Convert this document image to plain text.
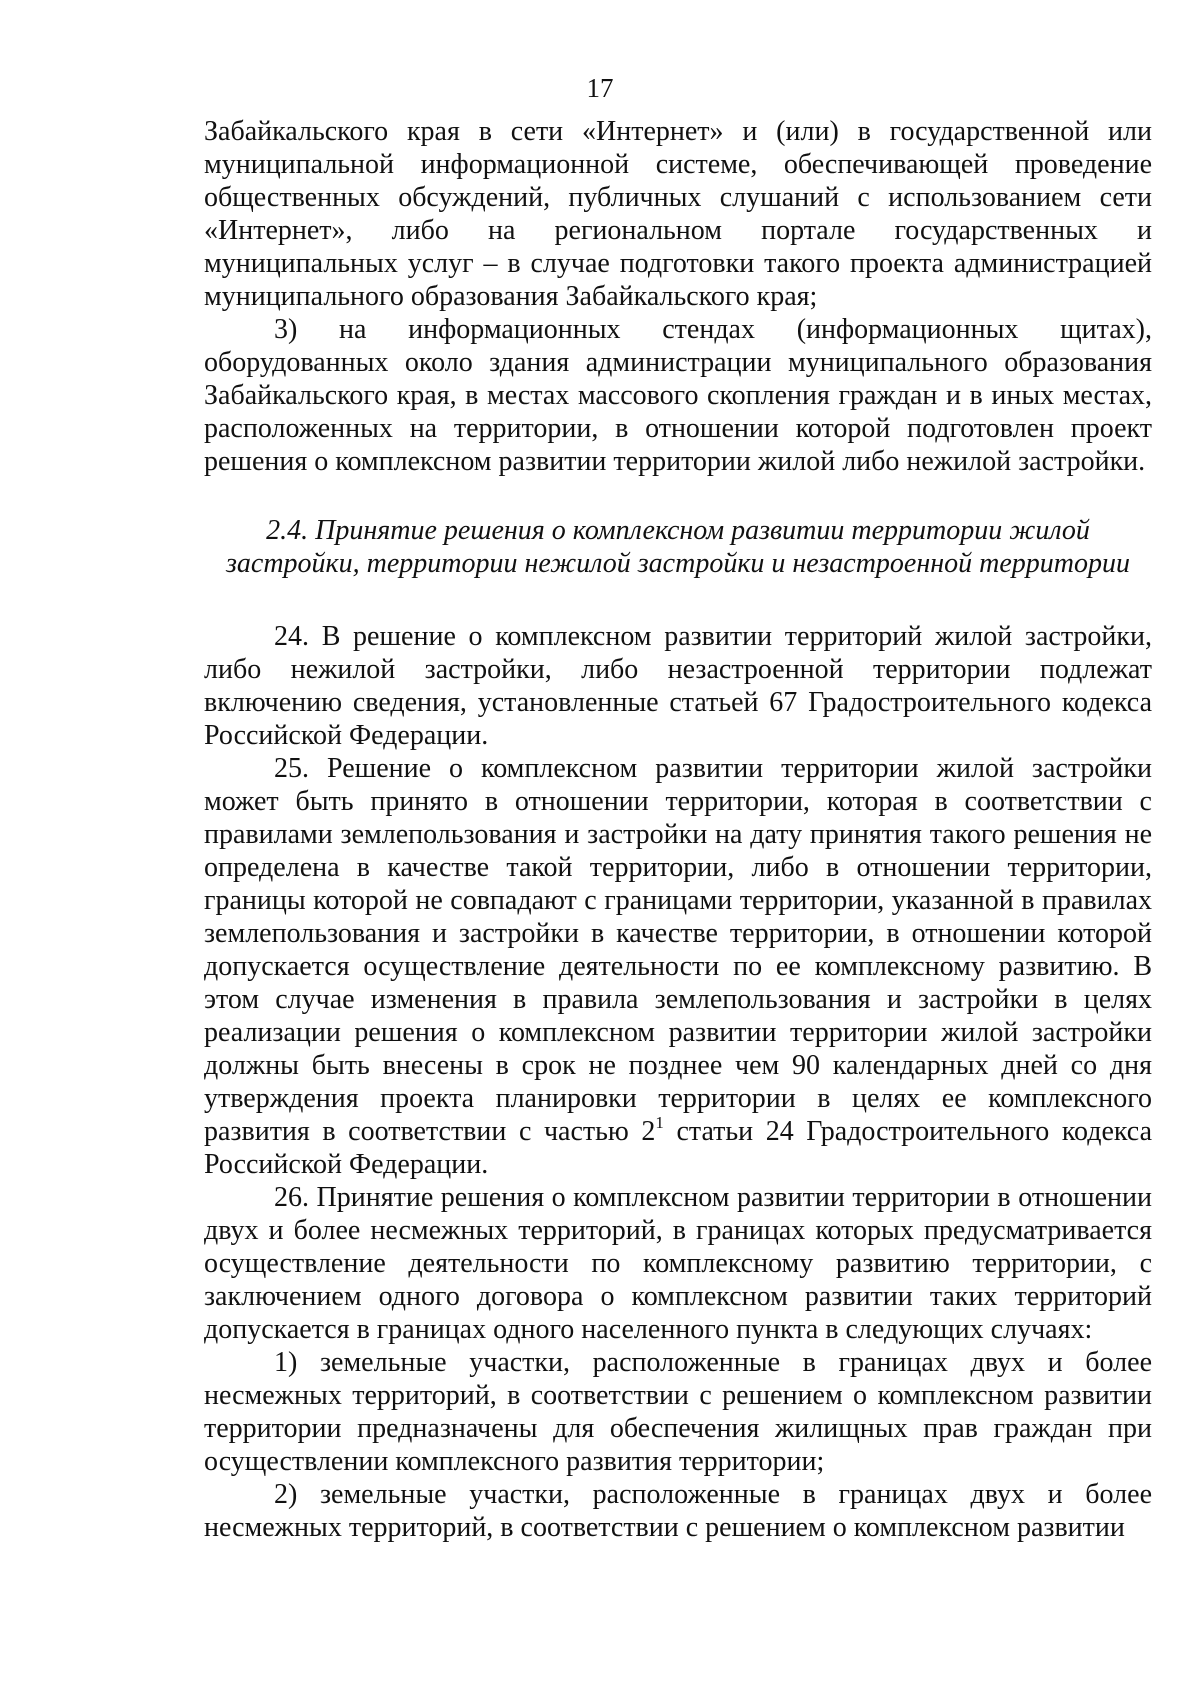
17

Забайкальского края в сети «Интернет» и (или) в государственной или муниципальной информационной системе, обеспечивающей проведение общественных обсуждений, публичных слушаний с использованием сети «Интернет», либо на региональном портале государственных и муниципальных услуг – в случае подготовки такого проекта администрацией муниципального образования Забайкальского края;

3) на информационных стендах (информационных щитах), оборудованных около здания администрации муниципального образования Забайкальского края, в местах массового скопления граждан и в иных местах, расположенных на территории, в отношении которой подготовлен проект решения о комплексном развитии территории жилой либо нежилой застройки.

2.4. Принятие решения о комплексном развитии территории жилой застройки, территории нежилой застройки и незастроенной территории

24. В решение о комплексном развитии территорий жилой застройки, либо нежилой застройки, либо незастроенной территории подлежат включению сведения, установленные статьей 67 Градостроительного кодекса Российской Федерации.

25. Решение о комплексном развитии территории жилой застройки может быть принято в отношении территории, которая в соответствии с правилами землепользования и застройки на дату принятия такого решения не определена в качестве такой территории, либо в отношении территории, границы которой не совпадают с границами территории, указанной в правилах землепользования и застройки в качестве территории, в отношении которой допускается осуществление деятельности по ее комплексному развитию. В этом случае изменения в правила землепользования и застройки в целях реализации решения о комплексном развитии территории жилой застройки должны быть внесены в срок не позднее чем 90 календарных дней со дня утверждения проекта планировки территории в целях ее комплексного развития в соответствии с частью $2^1$ статьи 24 Градостроительного кодекса Российской Федерации.

26. Принятие решения о комплексном развитии территории в отношении двух и более несмежных территорий, в границах которых предусматривается осуществление деятельности по комплексному развитию территории, с заключением одного договора о комплексном развитии таких территорий допускается в границах одного населенного пункта в следующих случаях:

1) земельные участки, расположенные в границах двух и более несмежных территорий, в соответствии с решением о комплексном развитии территории предназначены для обеспечения жилищных прав граждан при осуществлении комплексного развития территории;

2) земельные участки, расположенные в границах двух и более несмежных территорий, в соответствии с решением о комплексном развитии
